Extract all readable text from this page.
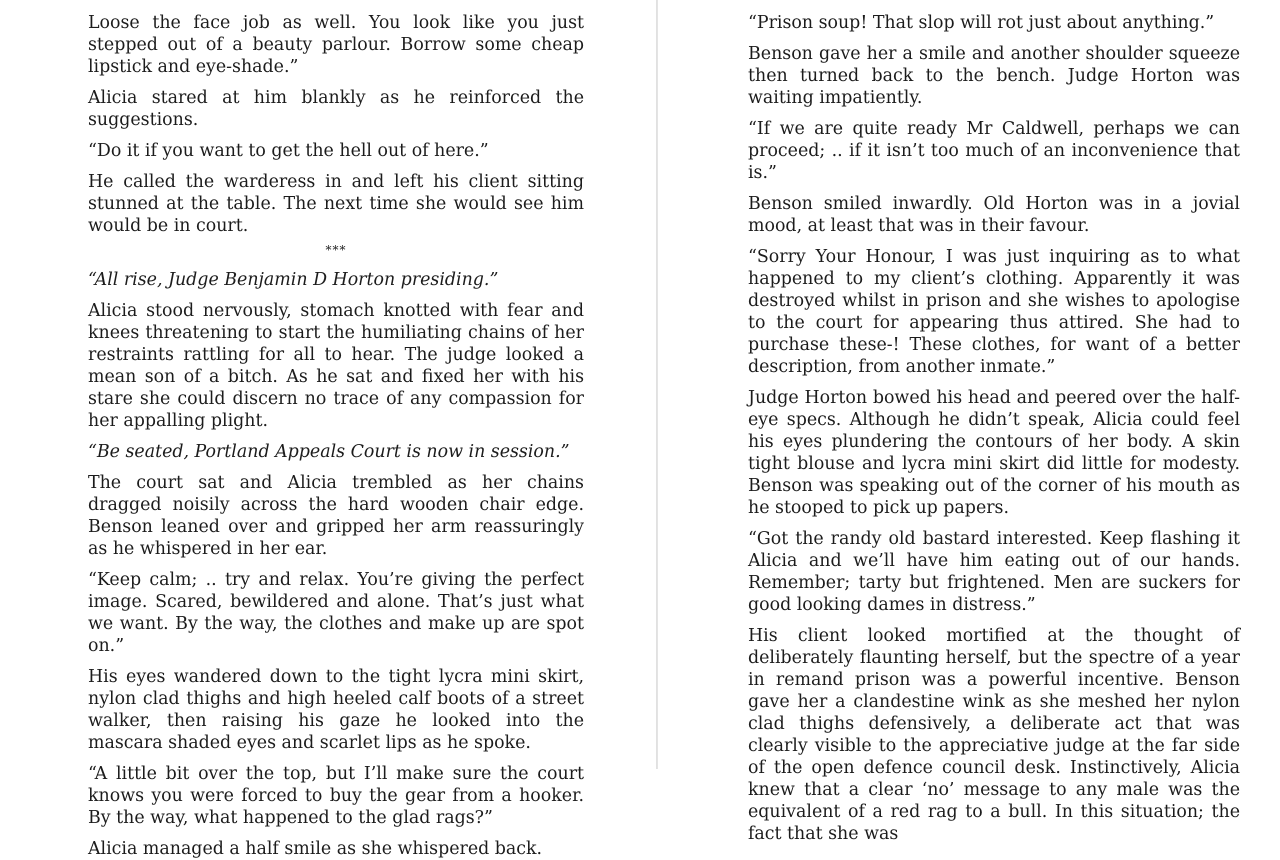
Loose the face job as well. You look like you just stepped out of a beauty parlour. Borrow some cheap lipstick and eye-shade.”

Alicia stared at him blankly as he reinforced the suggestions.

“Do it if you want to get the hell out of here.”

He called the warderess in and left his client sitting stunned at the table. The next time she would see him would be in court.

***

“All rise, Judge Benjamin D Horton presiding.”

Alicia stood nervously, stomach knotted with fear and knees threatening to start the humiliating chains of her restraints rattling for all to hear. The judge looked a mean son of a bitch. As he sat and fixed her with his stare she could discern no trace of any compassion for her appalling plight.

“Be seated, Portland Appeals Court is now in session.”

The court sat and Alicia trembled as her chains dragged noisily across the hard wooden chair edge. Benson leaned over and gripped her arm reassuringly as he whispered in her ear.

“Keep calm; .. try and relax. You’re giving the perfect image. Scared, bewildered and alone. That’s just what we want. By the way, the clothes and make up are spot on.”

His eyes wandered down to the tight lycra mini skirt, nylon clad thighs and high heeled calf boots of a street walker, then raising his gaze he looked into the mascara shaded eyes and scarlet lips as he spoke.

“A little bit over the top, but I’ll make sure the court knows you were forced to buy the gear from a hooker. By the way, what happened to the glad rags?”

Alicia managed a half smile as she whispered back.

“Prison soup! That slop will rot just about anything.”

Benson gave her a smile and another shoulder squeeze then turned back to the bench. Judge Horton was waiting impatiently.

“If we are quite ready Mr Caldwell, perhaps we can proceed; .. if it isn’t too much of an inconvenience that is.”

Benson smiled inwardly. Old Horton was in a jovial mood, at least that was in their favour.

“Sorry Your Honour, I was just inquiring as to what happened to my client’s clothing. Apparently it was destroyed whilst in prison and she wishes to apologise to the court for appearing thus attired. She had to purchase these-! These clothes, for want of a better description, from another inmate.”

Judge Horton bowed his head and peered over the half-eye specs. Although he didn’t speak, Alicia could feel his eyes plundering the contours of her body. A skin tight blouse and lycra mini skirt did little for modesty. Benson was speaking out of the corner of his mouth as he stooped to pick up papers.

“Got the randy old bastard interested. Keep flashing it Alicia and we’ll have him eating out of our hands. Remember; tarty but frightened. Men are suckers for good looking dames in distress.”

His client looked mortified at the thought of deliberately flaunting herself, but the spectre of a year in remand prison was a powerful incentive. Benson gave her a clandestine wink as she meshed her nylon clad thighs defensively, a deliberate act that was clearly visible to the appreciative judge at the far side of the open defence council desk. Instinctively, Alicia knew that a clear ‘no’ message to any male was the equivalent of a red rag to a bull. In this situation; the fact that she was
